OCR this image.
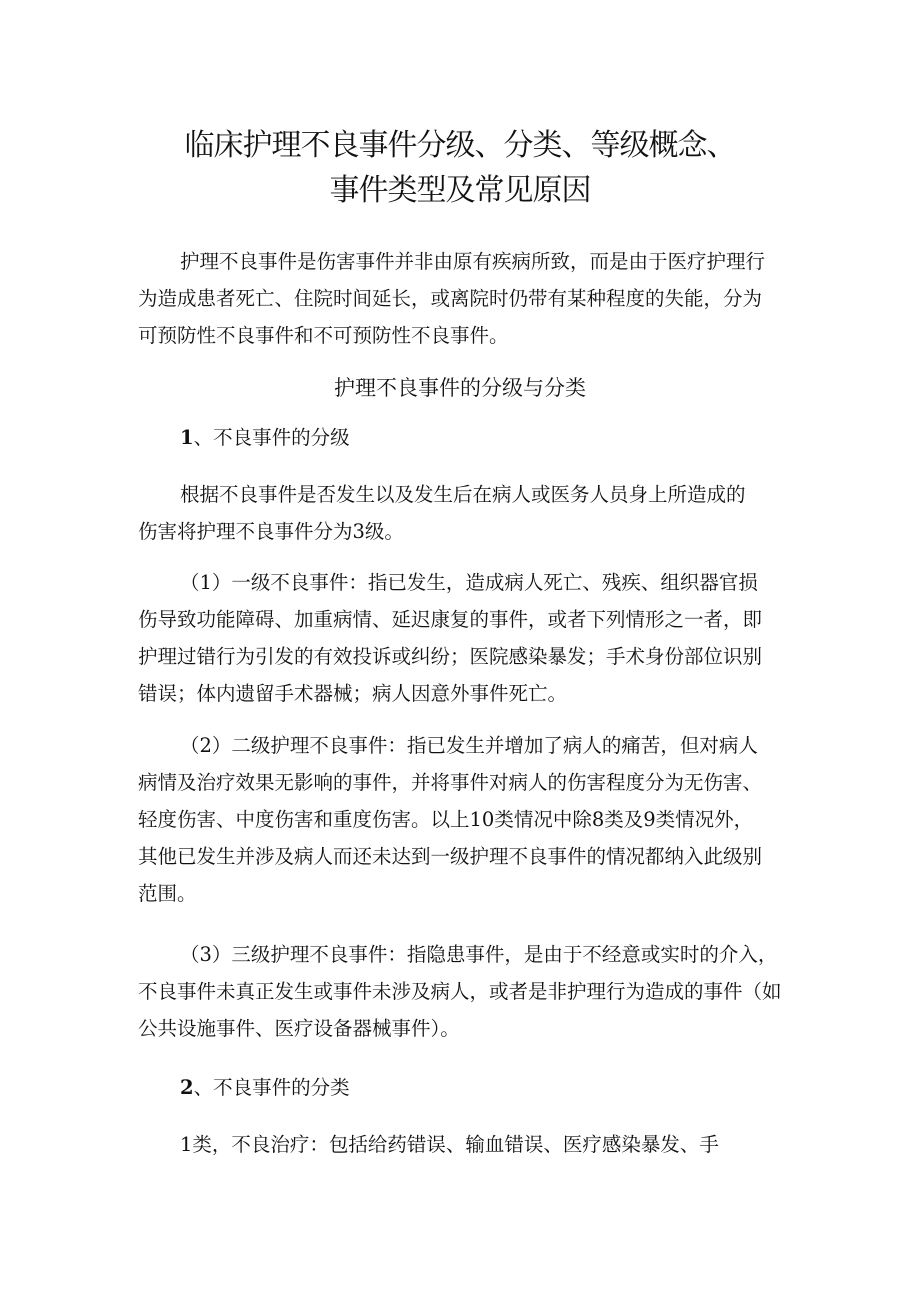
临床护理不良事件分级、分类、等级概念、
事件类型及常见原因
护理不良事件是伤害事件并非由原有疾病所致，而是由于医疗护理行
为造成患者死亡、住院时间延长，或离院时仍带有某种程度的失能，分为
可预防性不良事件和不可预防性不良事件。
护理不良事件的分级与分类
1、不良事件的分级
根据不良事件是否发生以及发生后在病人或医务人员身上所造成的
伤害将护理不良事件分为3级。
（1）一级不良事件：指已发生，造成病人死亡、残疾、组织器官损
伤导致功能障碍、加重病情、延迟康复的事件，或者下列情形之一者，即
护理过错行为引发的有效投诉或纠纷；医院感染暴发；手术身份部位识别
错误；体内遗留手术器械；病人因意外事件死亡。
（2）二级护理不良事件：指已发生并增加了病人的痛苦，但对病人
病情及治疗效果无影响的事件，并将事件对病人的伤害程度分为无伤害、
轻度伤害、中度伤害和重度伤害。以上10类情况中除8类及9类情况外，
其他已发生并涉及病人而还未达到一级护理不良事件的情况都纳入此级别
范围。
（3）三级护理不良事件：指隐患事件，是由于不经意或实时的介入，
不良事件未真正发生或事件未涉及病人，或者是非护理行为造成的事件（如
公共设施事件、医疗设备器械事件）。
2、不良事件的分类
1类，不良治疗：包括给药错误、输血错误、医疗感染暴发、手
